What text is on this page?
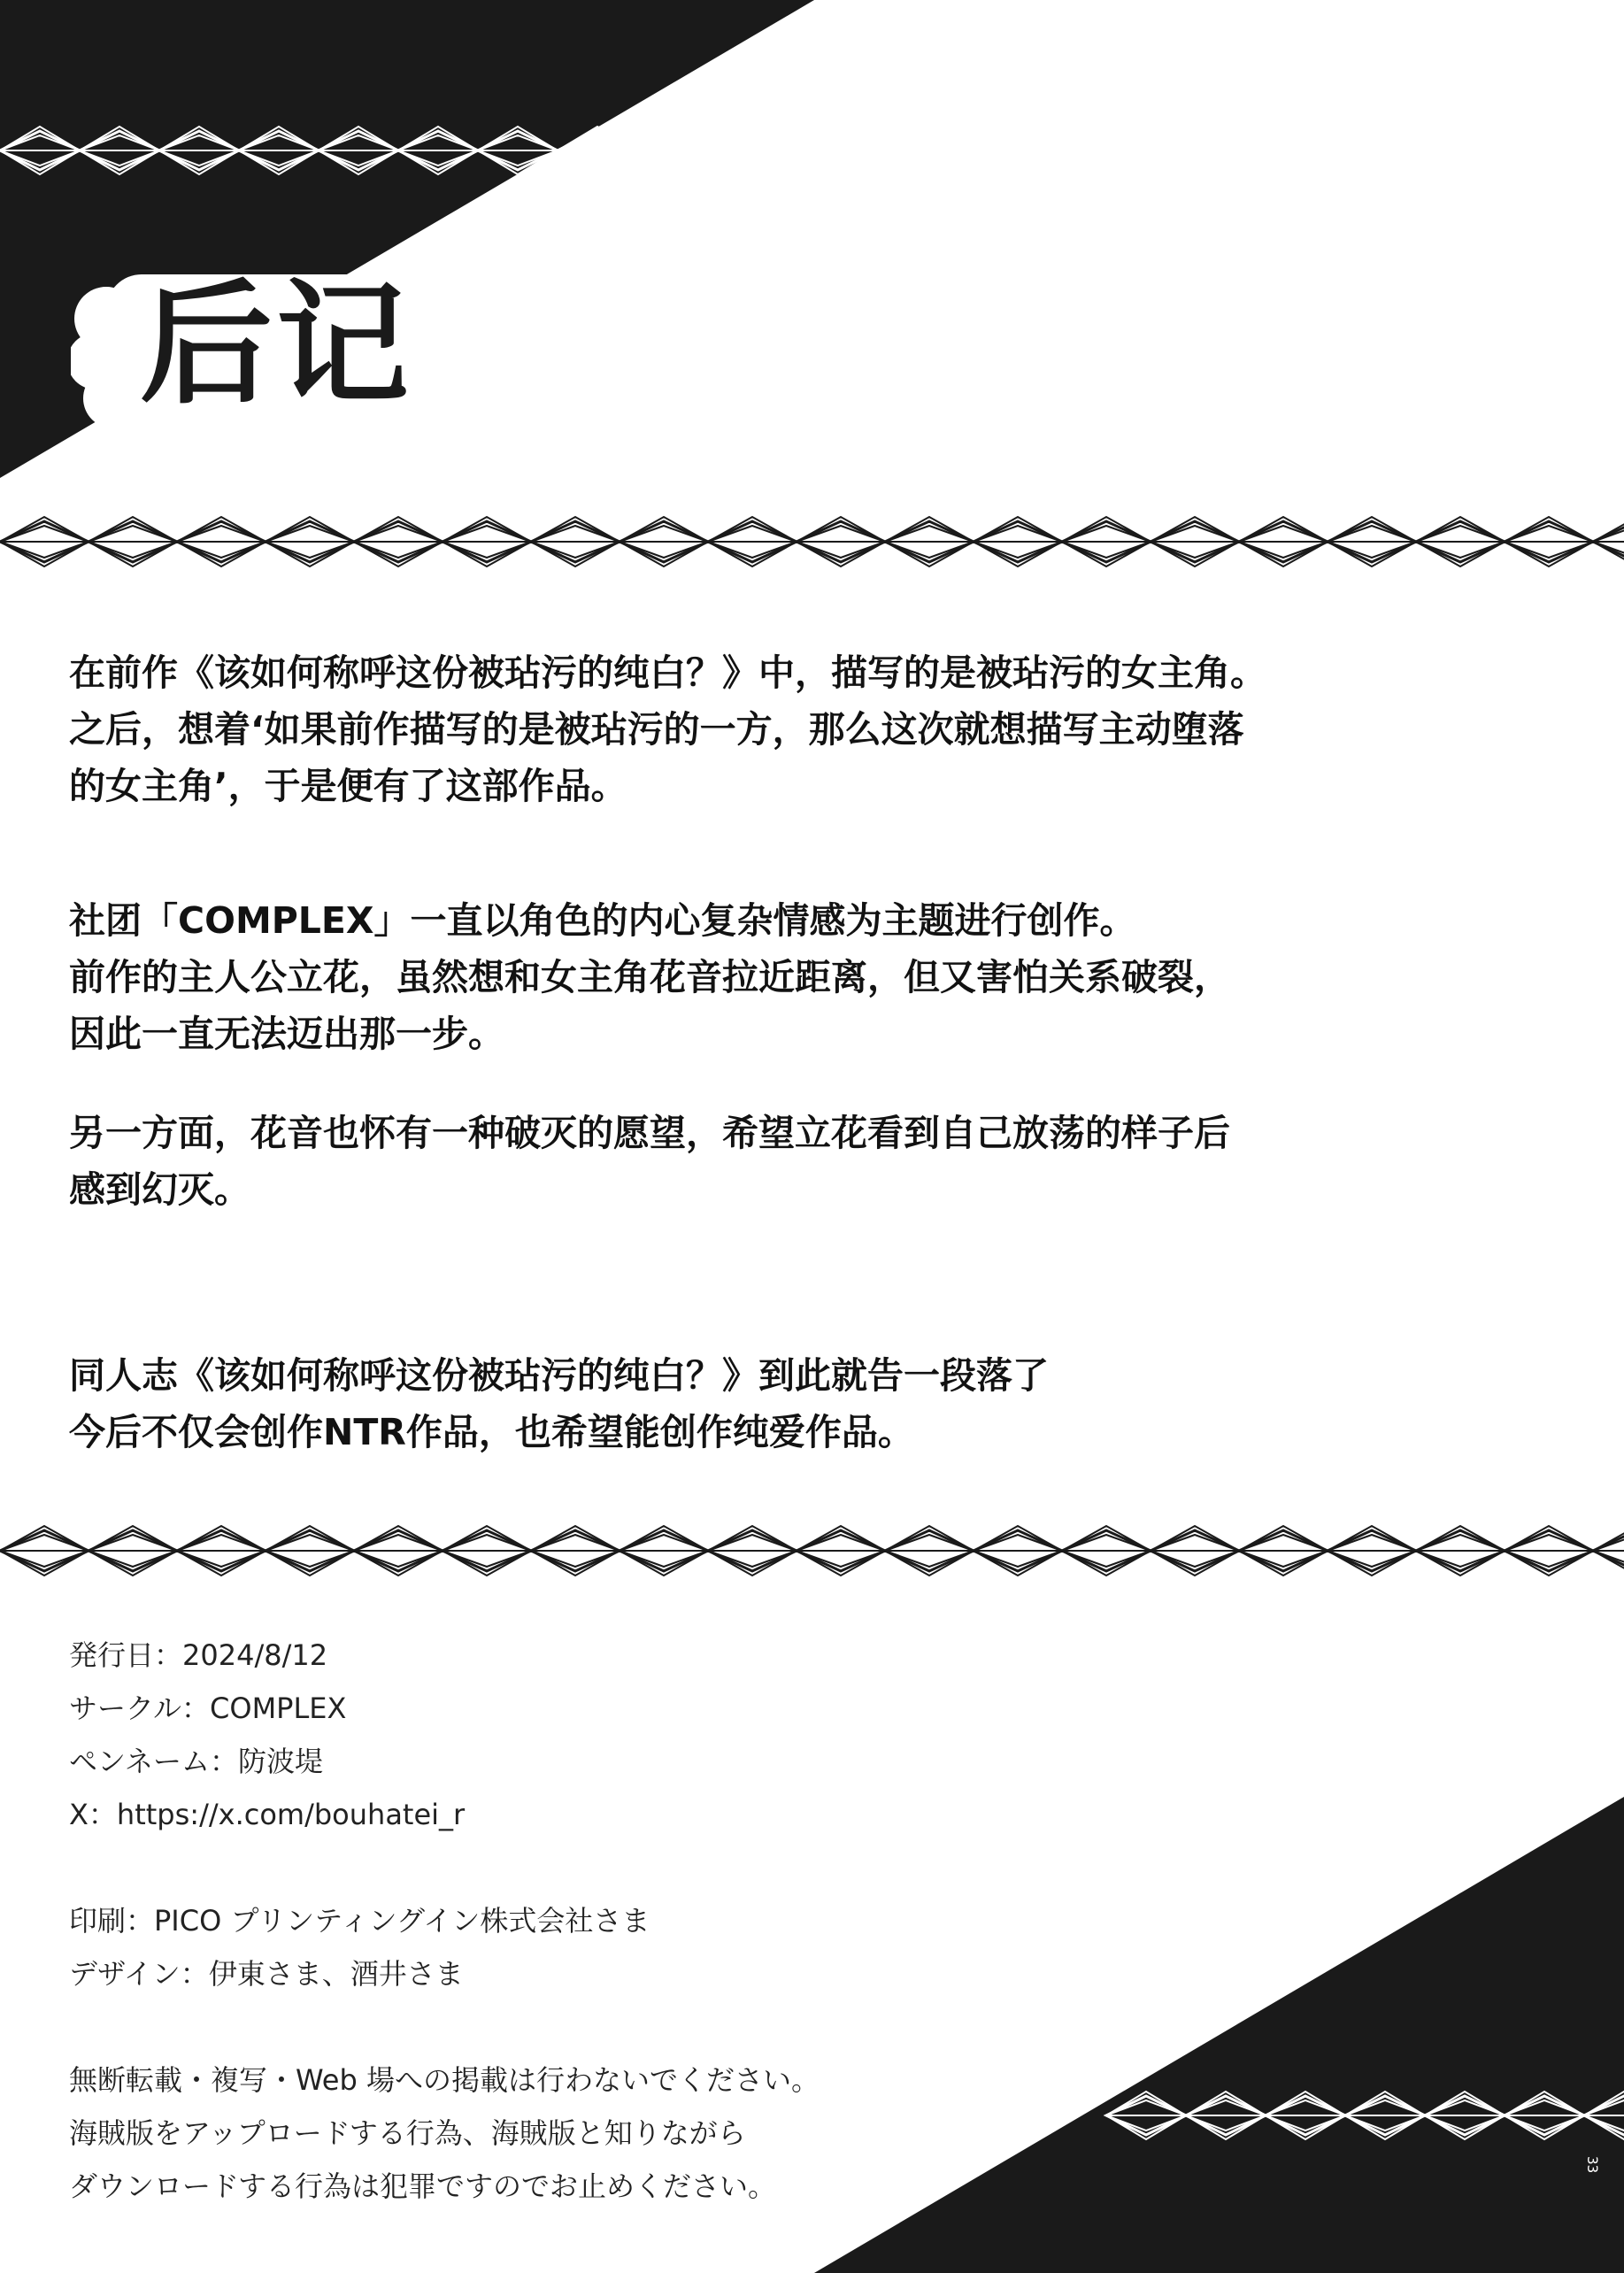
后记
在前作《该如何称呼这份被玷污的纯白？》中，描写的是被玷污的女主角。
之后，想着‘如果前作描写的是被玷污的一方，那么这次就想描写主动堕落
的女主角’，于是便有了这部作品。
社团「COMPLEX」一直以角色的内心复杂情感为主题进行创作。
前作的主人公立花，虽然想和女主角花音拉近距离，但又害怕关系破裂，
因此一直无法迈出那一步。
另一方面，花音也怀有一种破灭的愿望，希望立花看到自己放荡的样子后
感到幻灭。
同人志《该如何称呼这份被玷污的纯白？》到此就告一段落了
今后不仅会创作NTR作品，也希望能创作纯爱作品。
発行日：2024/8/12
サークル：COMPLEX
ペンネーム：防波堤
X：https://x.com/bouhatei_r
印刷：PICO プリンティングイン株式会社さま
デザイン：伊東さま、酒井さま
無断転載・複写・Web 場への掲載は行わないでください。
海賊版をアップロードする行為、海賊版と知りながら
ダウンロードする行為は犯罪ですのでお止めください。
33
